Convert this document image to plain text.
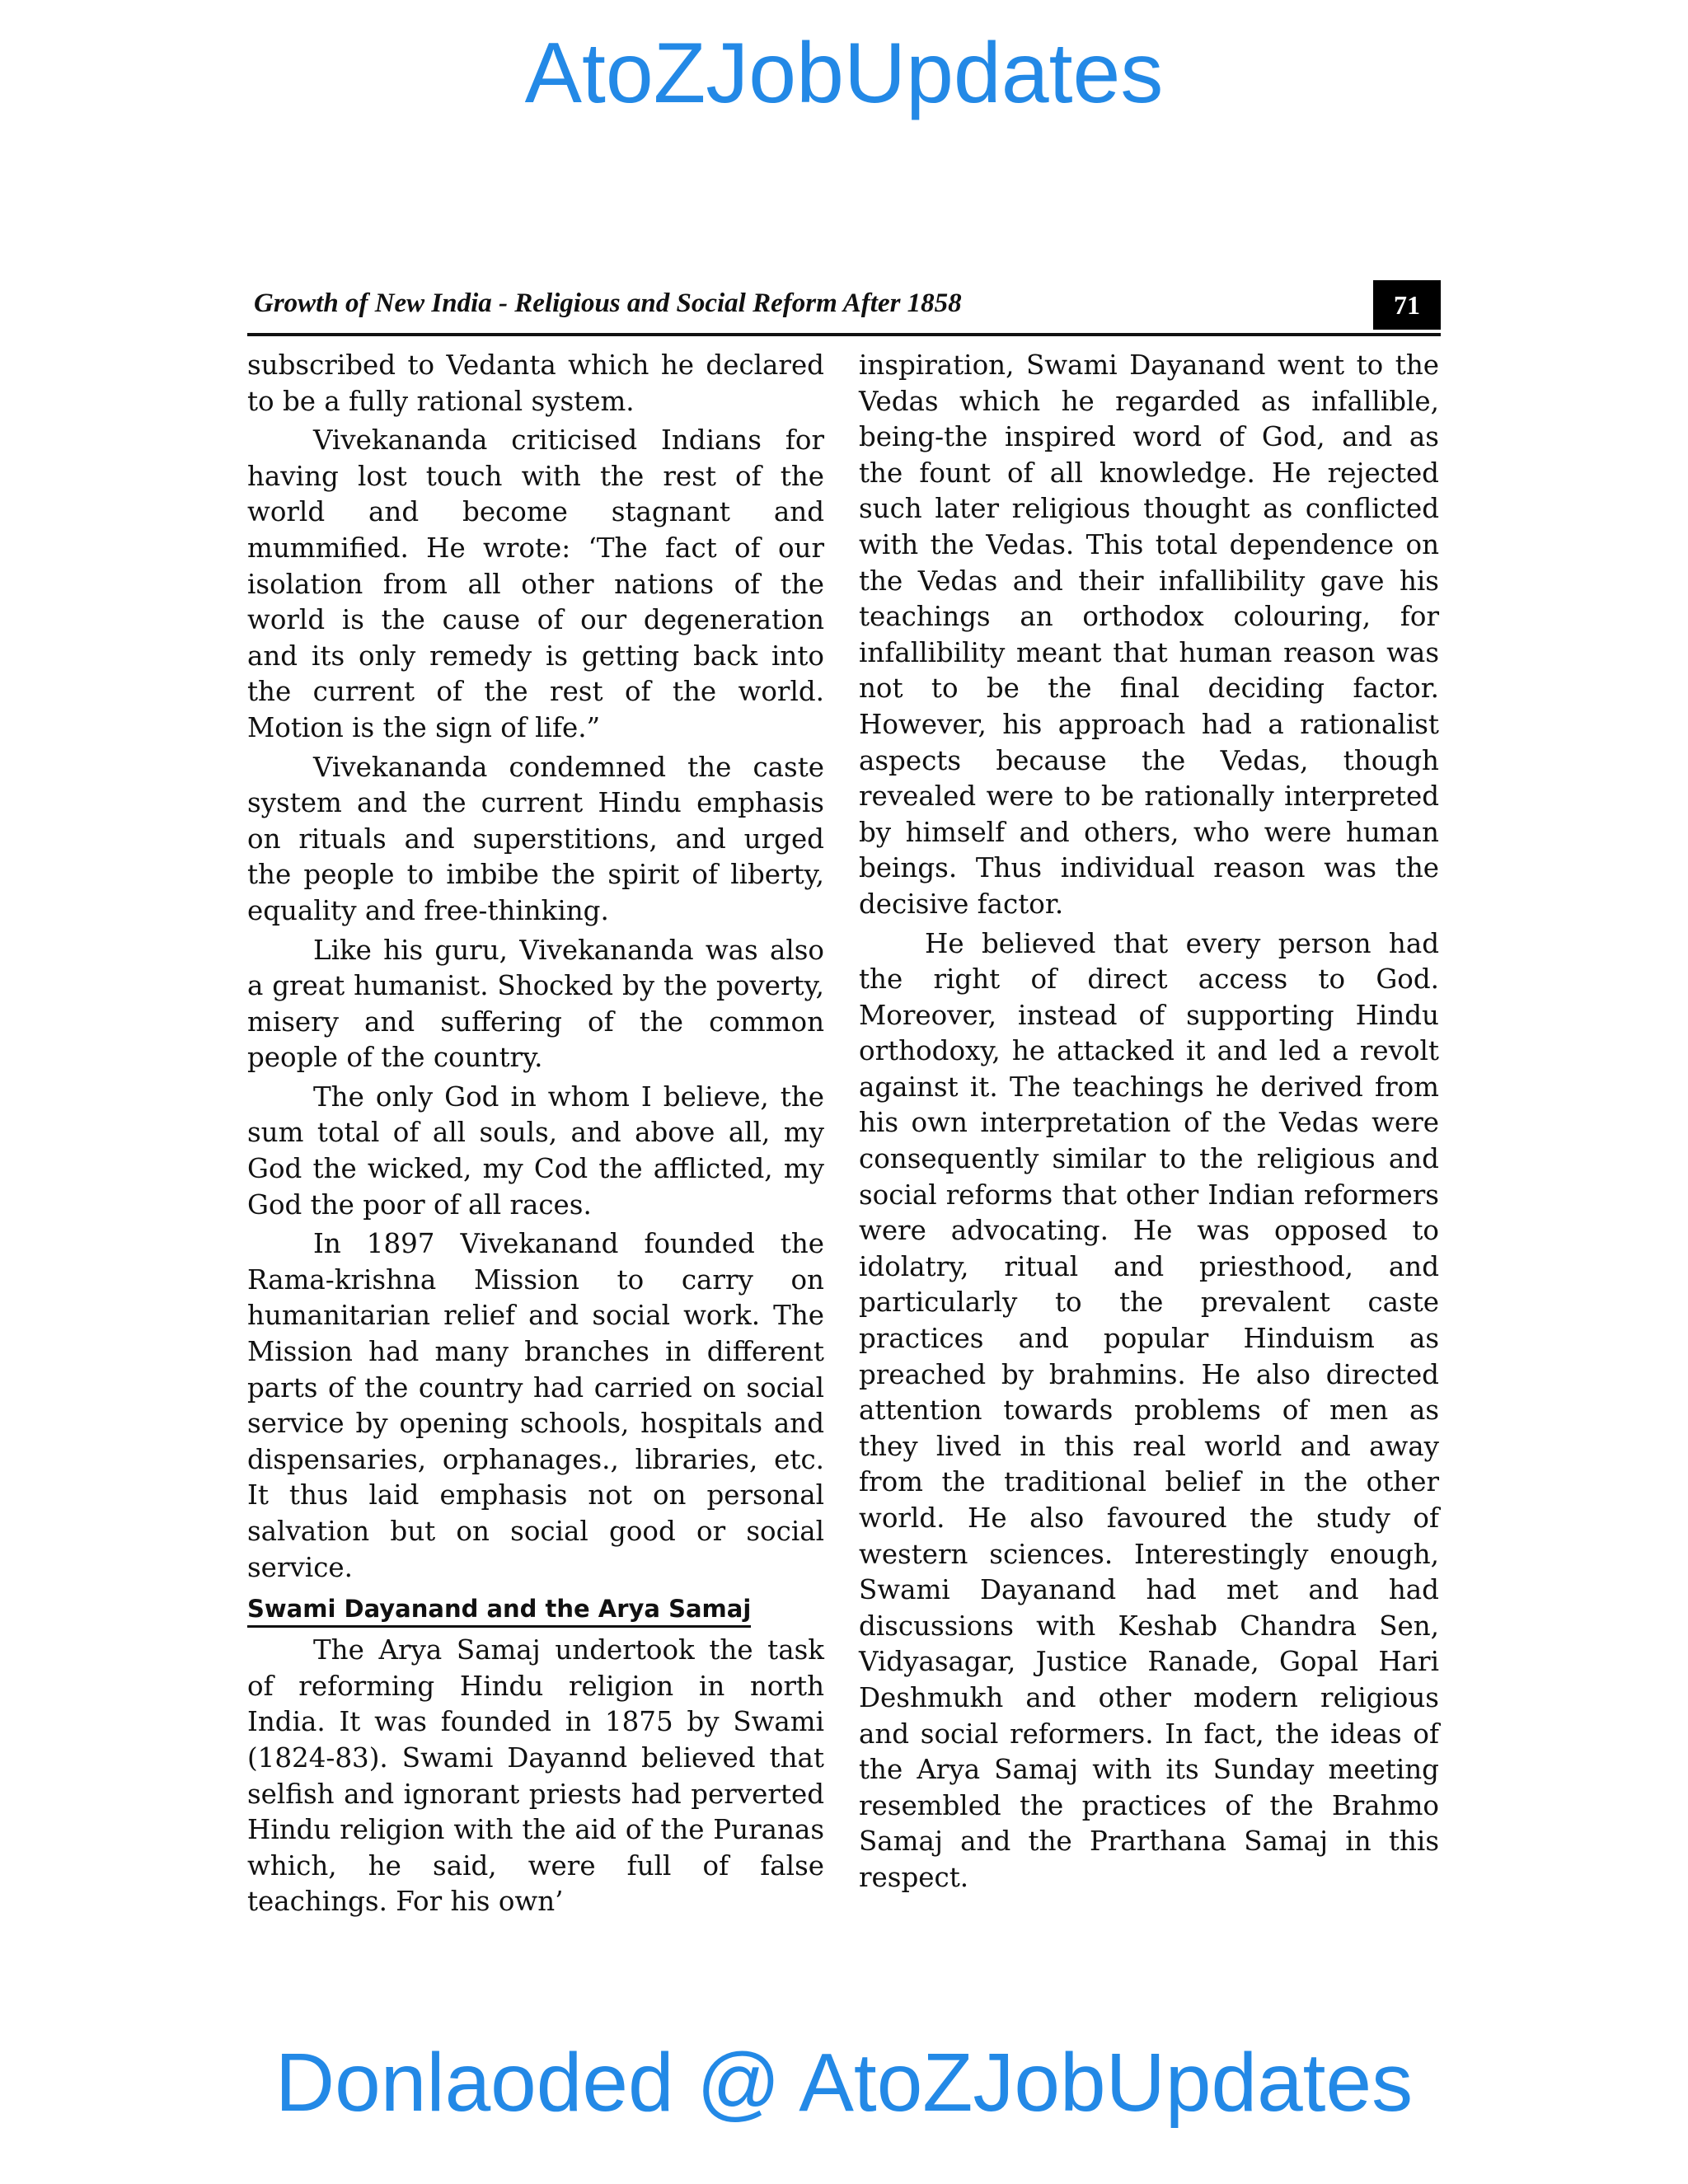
AtoZJobUpdates
Growth of New India - Religious and Social Reform After 1858	71

subscribed to Vedanta which he declared to be a fully rational system.

Vivekananda criticised Indians for having lost touch with the rest of the world and become stagnant and mummified. He wrote: ‘The fact of our isolation from all other nations of the world is the cause of our degeneration and its only remedy is getting back into the current of the rest of the world. Motion is the sign of life.”

Vivekananda condemned the caste system and the current Hindu emphasis on rituals and superstitions, and urged the people to imbibe the spirit of liberty, equality and free-thinking.

Like his guru, Vivekananda was also a great humanist. Shocked by the poverty, misery and suffering of the common people of the country.

The only God in whom I believe, the sum total of all souls, and above all, my God the wicked, my Cod the afflicted, my God the poor of all races.

In 1897 Vivekanand founded the Rama-krishna Mission to carry on humanitarian relief and social work. The Mission had many branches in different parts of the country had carried on social service by opening schools, hospitals and dispensaries, orphanages., libraries, etc. It thus laid emphasis not on personal salvation but on social good or social service.

Swami Dayanand and the Arya Samaj

The Arya Samaj undertook the task of reforming Hindu religion in north India. It was founded in 1875 by Swami (1824-83). Swami Dayannd believed that selfish and ignorant priests had perverted Hindu religion with the aid of the Puranas which, he said, were full of false teachings. For his own’

inspiration, Swami Dayanand went to the Vedas which he regarded as infallible, being-the inspired word of God, and as the fount of all knowledge. He rejected such later religious thought as conflicted with the Vedas. This total dependence on the Vedas and their infallibility gave his teachings an orthodox colouring, for infallibility meant that human reason was not to be the final deciding factor. However, his approach had a rationalist aspects because the Vedas, though revealed were to be rationally interpreted by himself and others, who were human beings. Thus individual reason was the decisive factor.

He believed that every person had the right of direct access to God. Moreover, instead of supporting Hindu orthodoxy, he attacked it and led a revolt against it. The teachings he derived from his own interpretation of the Vedas were consequently similar to the religious and social reforms that other Indian reformers were advocating. He was opposed to idolatry, ritual and priesthood, and particularly to the prevalent caste practices and popular Hinduism as preached by brahmins. He also directed attention towards problems of men as they lived in this real world and away from the traditional belief in the other world. He also favoured the study of western sciences. Interestingly enough, Swami Dayanand had met and had discussions with Keshab Chandra Sen, Vidyasagar, Justice Ranade, Gopal Hari Deshmukh and other modern religious and social reformers. In fact, the ideas of the Arya Samaj with its Sunday meeting resembled the practices of the Brahmo Samaj and the Prarthana Samaj in this respect.

Donlaoded @ AtoZJobUpdates
